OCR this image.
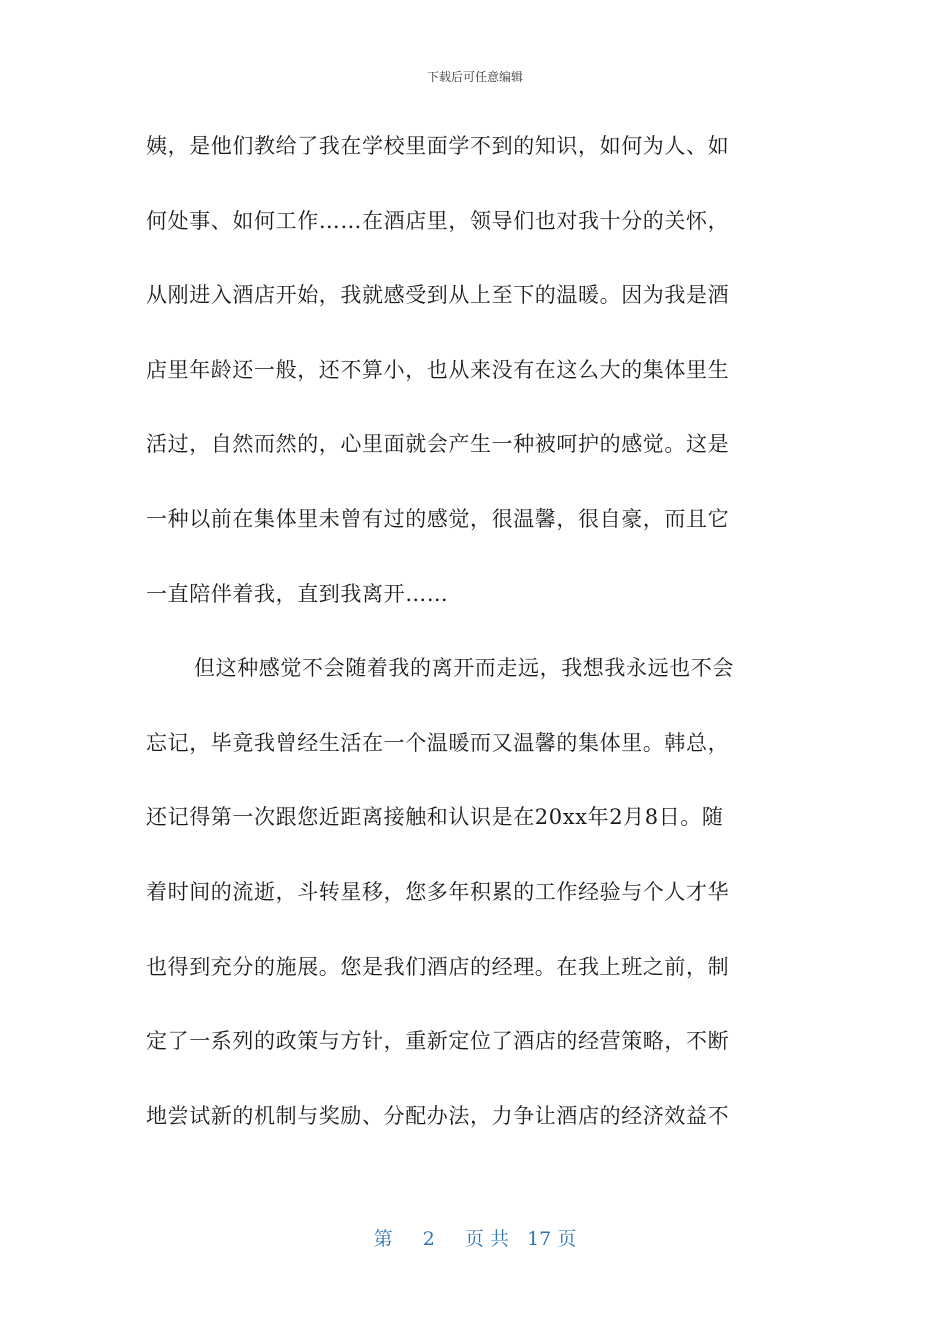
下载后可任意编辑
姨，是他们教给了我在学校里面学不到的知识，如何为人、如
何处事、如何工作……在酒店里，领导们也对我十分的关怀，
从刚进入酒店开始，我就感受到从上至下的温暖。因为我是酒
店里年龄还一般，还不算小，也从来没有在这么大的集体里生
活过，自然而然的，心里面就会产生一种被呵护的感觉。这是
一种以前在集体里未曾有过的感觉，很温馨，很自豪，而且它
一直陪伴着我，直到我离开……
但这种感觉不会随着我的离开而走远，我想我永远也不会
忘记，毕竟我曾经生活在一个温暖而又温馨的集体里。韩总，
还记得第一次跟您近距离接触和认识是在20xx年2月8日。随
着时间的流逝，斗转星移，您多年积累的工作经验与个人才华
也得到充分的施展。您是我们酒店的经理。在我上班之前，制
定了一系列的政策与方针，重新定位了酒店的经营策略，不断
地尝试新的机制与奖励、分配办法，力争让酒店的经济效益不
第 2 页 共 17 页
